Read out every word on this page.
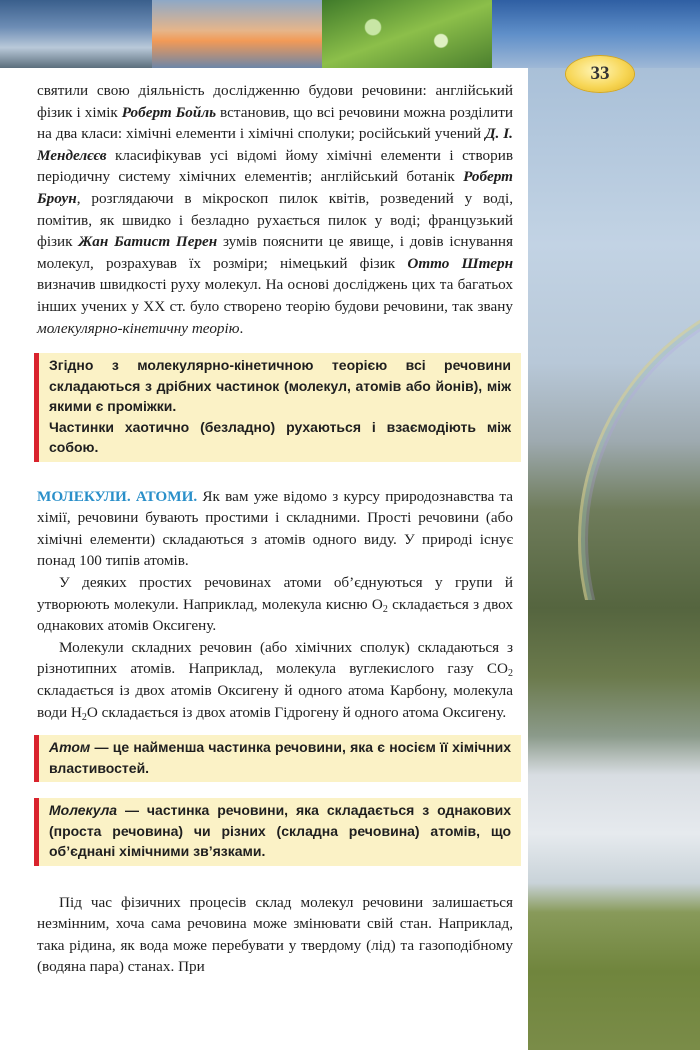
33

святили свою діяльність дослідженню будови речовини: англійський фізик і хімік Роберт Бойль встановив, що всі речовини можна розділити на два класи: хімічні елементи і хімічні сполуки; російський учений Д. І. Менделєєв класифікував усі відомі йому хімічні елементи і створив періодичну систему хімічних елементів; англійський ботанік Роберт Броун, розглядаючи в мікроскоп пилок квітів, розведений у воді, помітив, як швидко і безладно рухається пилок у воді; французький фізик Жан Батист Перен зумів пояснити це явище, і довів існування молекул, розрахував їх розміри; німецький фізик Отто Штерн визначив швидкості руху молекул. На основі досліджень цих та багатьох інших учених у XX ст. було створено теорію будови речовини, так звану молекулярно-кінетичну теорію.

Згідно з молекулярно-кінетичною теорією всі речовини складаються з дрібних частинок (молекул, атомів або йонів), між якими є проміжки.
Частинки хаотично (безладно) рухаються і взаємодіють між собою.

МОЛЕКУЛИ. АТОМИ. Як вам уже відомо з курсу природознавства та хімії, речовини бувають простими і складними. Прості речовини (або хімічні елементи) складаються з атомів одного виду. У природі існує понад 100 типів атомів.

У деяких простих речовинах атоми об’єднуються у групи й утворюють молекули. Наприклад, молекула кисню $O_2$ складається з двох однакових атомів Оксигену.

Молекули складних речовин (або хімічних сполук) складаються з різнотипних атомів. Наприклад, молекула вуглекислого газу $CO_2$ складається із двох атомів Оксигену й одного атома Карбону, молекула води $H_2O$ складається із двох атомів Гідрогену й одного атома Оксигену.

Атом — це найменша частинка речовини, яка є носієм її хімічних властивостей.
Молекула — частинка речовини, яка складається з однакових (проста речовина) чи різних (складна речовина) атомів, що об’єднані хімічними зв’язками.

Під час фізичних процесів склад молекул речовини залишається незмінним, хоча сама речовина може змінювати свій стан. Наприклад, така рідина, як вода може перебувати у твердому (лід) та газоподібному (водяна пара) станах. При
